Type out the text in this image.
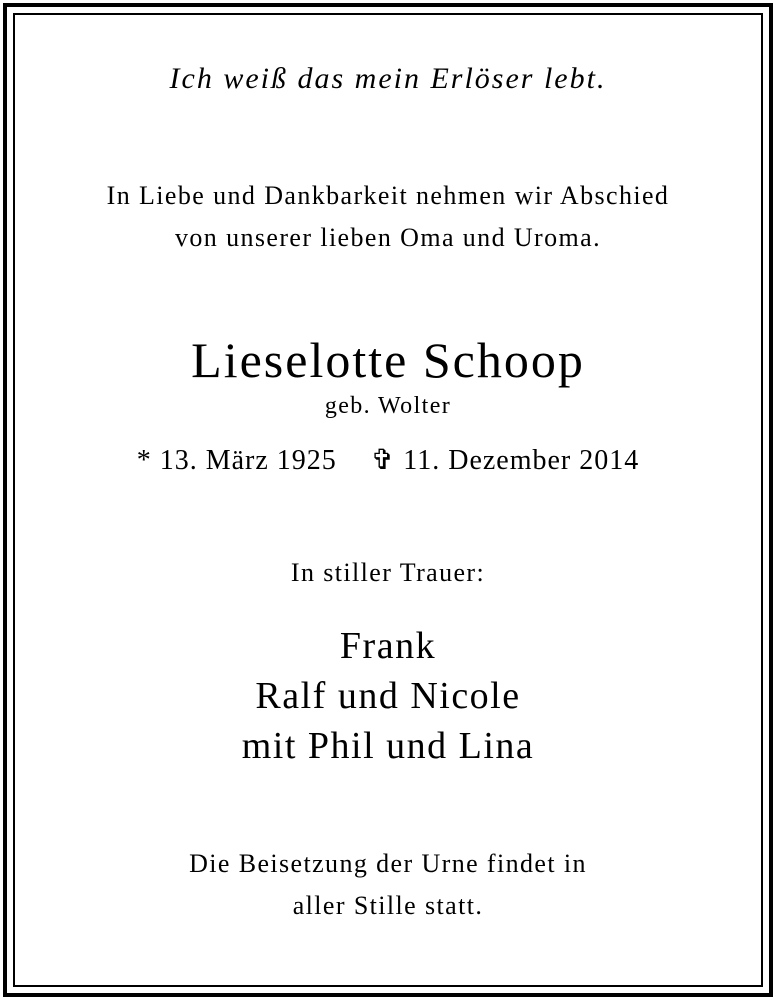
Ich weiß das mein Erlöser lebt.
In Liebe und Dankbarkeit nehmen wir Abschied
von unserer lieben Oma und Uroma.
Lieselotte Schoop
geb. Wolter
* 13. März 1925 ✞ 11. Dezember 2014
In stiller Trauer:
Frank
Ralf und Nicole
mit Phil und Lina
Die Beisetzung der Urne findet in
aller Stille statt.
